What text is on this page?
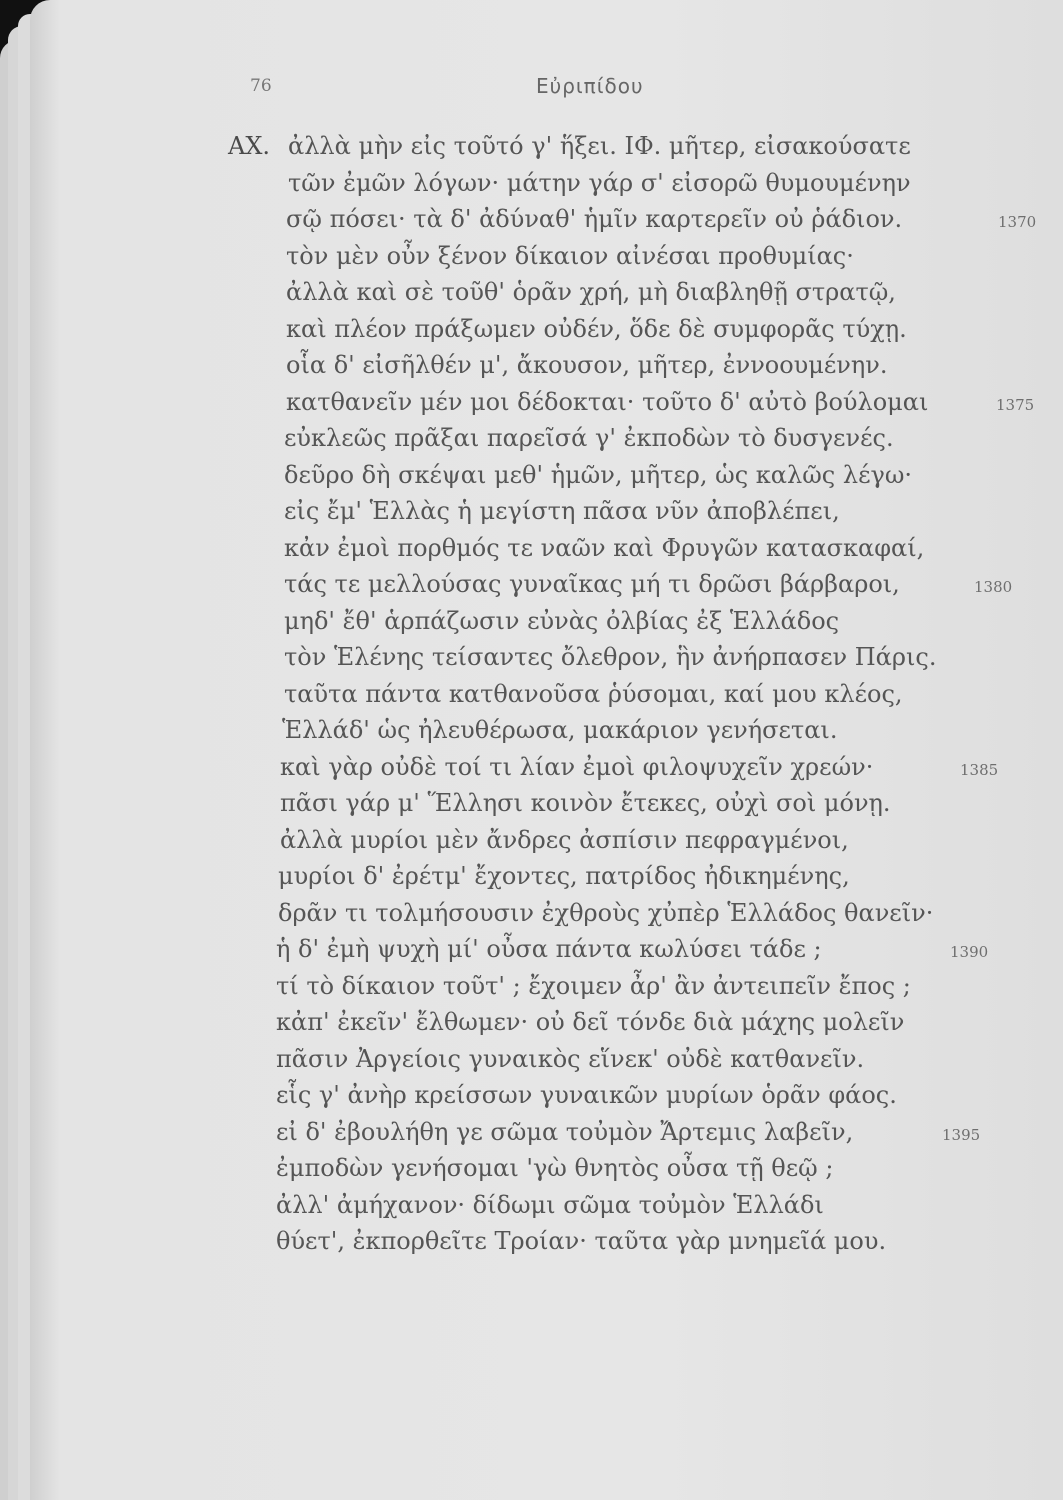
76	Εὐριπίδου
ΑΧ. ἀλλὰ μὴν εἰς τοῦτό γ' ἥξει. ΙΦ. μῆτερ, εἰσακούσατε
τῶν ἐμῶν λόγων· μάτην γάρ σ' εἰσορῶ θυμουμένην
σῷ πόσει· τὰ δ' ἀδύναθ' ἡμῖν καρτερεῖν οὐ ῥάδιον.	1370
τὸν μὲν οὖν ξένον δίκαιον αἰνέσαι προθυμίας·
ἀλλὰ καὶ σὲ τοῦθ' ὁρᾶν χρή, μὴ διαβληθῇ στρατῷ,
καὶ πλέον πράξωμεν οὐδέν, ὅδε δὲ συμφορᾶς τύχῃ.
οἷα δ' εἰσῆλθέν μ', ἄκουσον, μῆτερ, ἐννοουμένην.
κατθανεῖν μέν μοι δέδοκται· τοῦτο δ' αὐτὸ βούλομαι	1375
εὐκλεῶς πρᾶξαι παρεῖσά γ' ἐκποδὼν τὸ δυσγενές.
δεῦρο δὴ σκέψαι μεθ' ἡμῶν, μῆτερ, ὡς καλῶς λέγω·
εἰς ἔμ' Ἑλλὰς ἡ μεγίστη πᾶσα νῦν ἀποβλέπει,
κἀν ἐμοὶ πορθμός τε ναῶν καὶ Φρυγῶν κατασκαφαί,
τάς τε μελλούσας γυναῖκας μή τι δρῶσι βάρβαροι,	1380
μηδ' ἔθ' ἁρπάζωσιν εὐνὰς ὀλβίας ἐξ Ἑλλάδος
τὸν Ἑλένης τείσαντες ὄλεθρον, ἣν ἀνήρπασεν Πάρις.
ταῦτα πάντα κατθανοῦσα ῥύσομαι, καί μου κλέος,
Ἑλλάδ' ὡς ἠλευθέρωσα, μακάριον γενήσεται.
καὶ γὰρ οὐδὲ τοί τι λίαν ἐμοὶ φιλοψυχεῖν χρεών·	1385
πᾶσι γάρ μ' Ἕλλησι κοινὸν ἔτεκες, οὐχὶ σοὶ μόνῃ.
ἀλλὰ μυρίοι μὲν ἄνδρες ἀσπίσιν πεφραγμένοι,
μυρίοι δ' ἐρέτμ' ἔχοντες, πατρίδος ἠδικημένης,
δρᾶν τι τολμήσουσιν ἐχθροὺς χὐπὲρ Ἑλλάδος θανεῖν·
ἡ δ' ἐμὴ ψυχὴ μί' οὖσα πάντα κωλύσει τάδε ;	1390
τί τὸ δίκαιον τοῦτ' ; ἔχοιμεν ἆρ' ἂν ἀντειπεῖν ἔπος ;
κἀπ' ἐκεῖν' ἔλθωμεν· οὐ δεῖ τόνδε διὰ μάχης μολεῖν
πᾶσιν Ἀργείοις γυναικὸς εἵνεκ' οὐδὲ κατθανεῖν.
εἷς γ' ἀνὴρ κρείσσων γυναικῶν μυρίων ὁρᾶν φάος.
εἰ δ' ἐβουλήθη γε σῶμα τοὐμὸν Ἄρτεμις λαβεῖν,	1395
ἐμποδὼν γενήσομαι 'γὼ θνητὸς οὖσα τῇ θεῷ ;
ἀλλ' ἀμήχανον· δίδωμι σῶμα τοὐμὸν Ἑλλάδι
θύετ', ἐκπορθεῖτε Τροίαν· ταῦτα γὰρ μνημεῖά μου.
